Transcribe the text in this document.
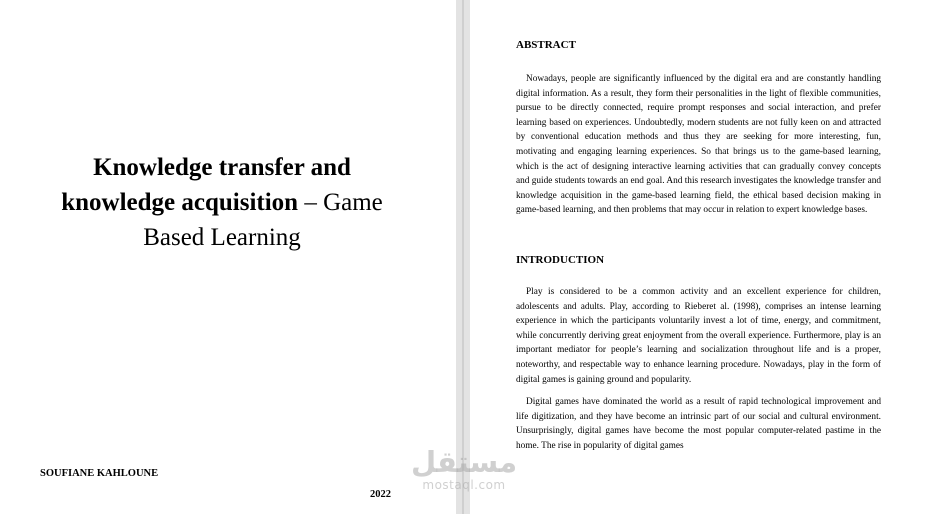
Knowledge transfer and
knowledge acquisition – Game
Based Learning
SOUFIANE KAHLOUNE
2022
ABSTRACT

Nowadays, people are significantly influenced by the digital era and are constantly handling digital information. As a result, they form their personalities in the light of flexible communities, pursue to be directly connected, require prompt responses and social interaction, and prefer learning based on experiences. Undoubtedly, modern students are not fully keen on and attracted by conventional education methods and thus they are seeking for more interesting, fun, motivating and engaging learning experiences. So that brings us to the game-based learning, which is the act of designing interactive learning activities that can gradually convey concepts and guide students towards an end goal. And this research investigates the knowledge transfer and knowledge acquisition in the game-based learning field, the ethical based decision making in game-based learning, and then problems that may occur in relation to expert knowledge bases.

INTRODUCTION

Play is considered to be a common activity and an excellent experience for children, adolescents and adults. Play, according to Rieberet al. (1998), comprises an intense learning experience in which the participants voluntarily invest a lot of time, energy, and commitment, while concurrently deriving great enjoyment from the overall experience. Furthermore, play is an important mediator for people’s learning and socialization throughout life and is a proper, noteworthy, and respectable way to enhance learning procedure. Nowadays, play in the form of digital games is gaining ground and popularity.

Digital games have dominated the world as a result of rapid technological improvement and life digitization, and they have become an intrinsic part of our social and cultural environment. Unsurprisingly, digital games have become the most popular computer-related pastime in the home. The rise in popularity of digital games

مستقل
mostaql.com
